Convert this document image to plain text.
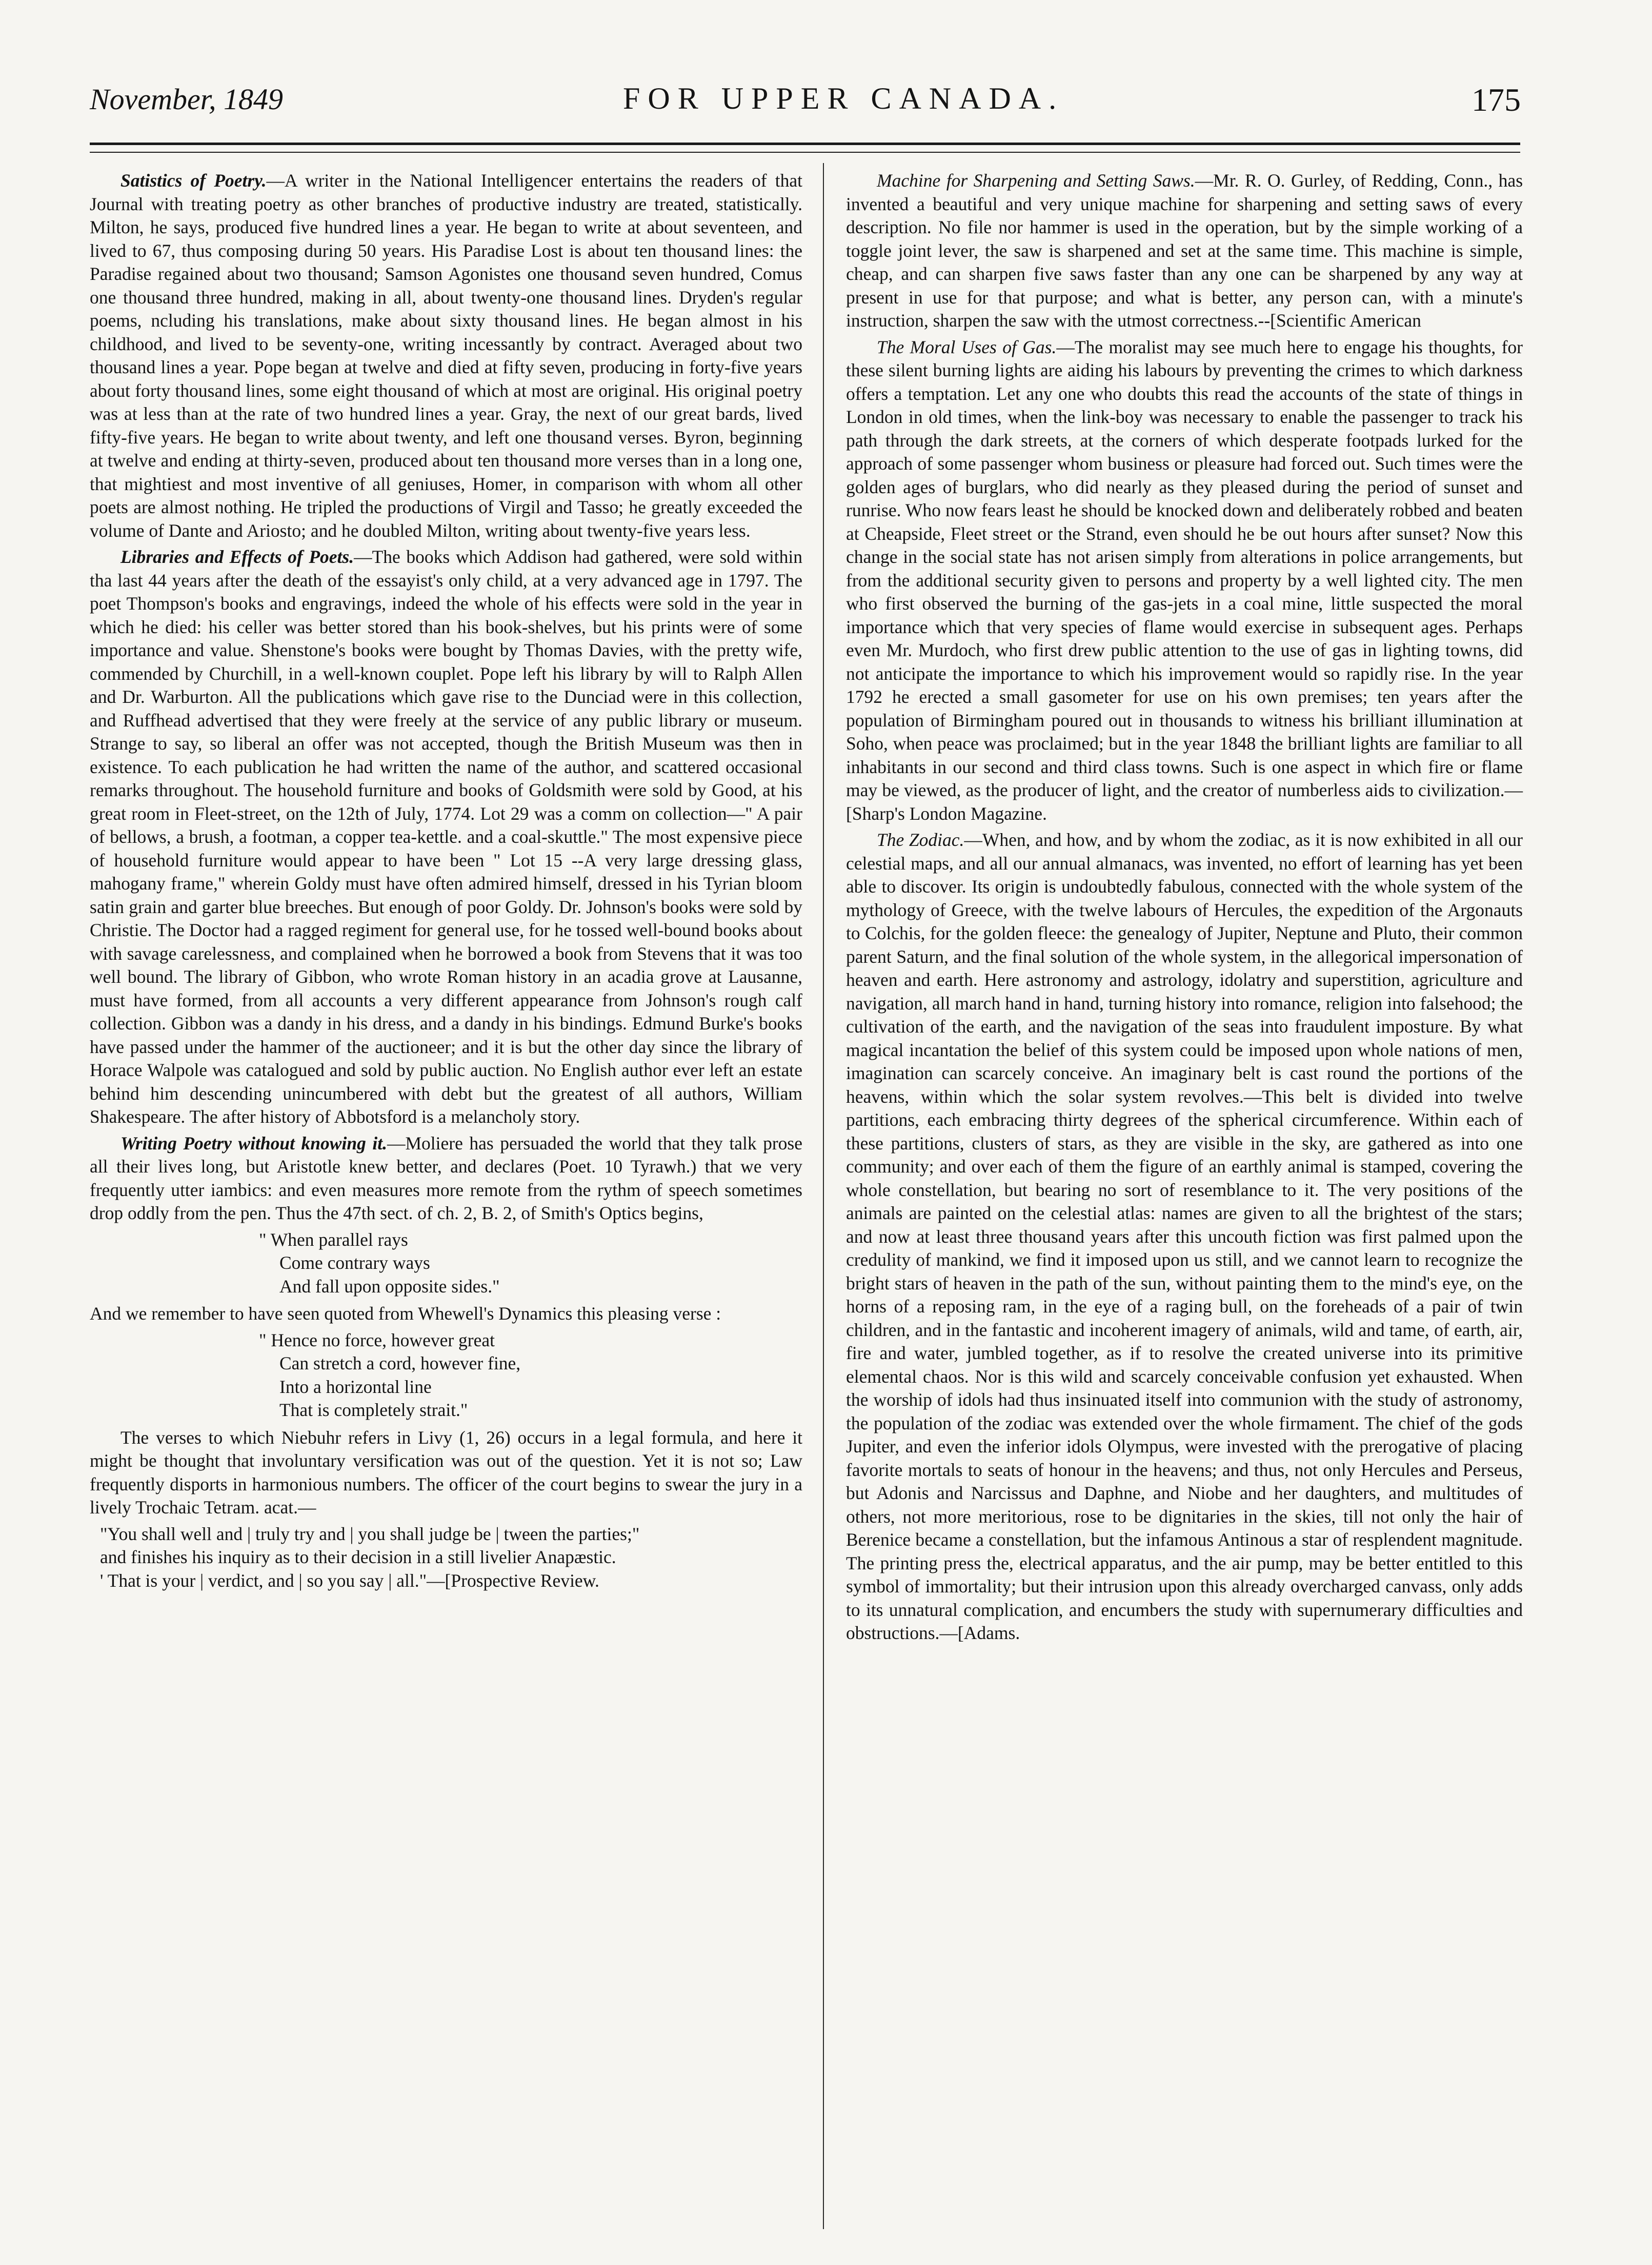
November, 1849	FOR UPPER CANADA.	175

Satistics of Poetry.—A writer in the National Intelligencer entertains the readers of that Journal with treating poetry as other branches of productive industry are treated, statistically. Milton, he says, produced five hundred lines a year. He began to write at about seventeen, and lived to 67, thus composing during 50 years. His Paradise Lost is about ten thousand lines: the Paradise regained about two thousand; Samson Agonistes one thousand seven hundred, Comus one thousand three hundred, making in all, about twenty-one thousand lines. Dryden's regular poems, ncluding his translations, make about sixty thousand lines. He began almost in his childhood, and lived to be seventy-one, writing incessantly by contract. Averaged about two thousand lines a year. Pope began at twelve and died at fifty seven, producing in forty-five years about forty thousand lines, some eight thousand of which at most are original. His original poetry was at less than at the rate of two hundred lines a year. Gray, the next of our great bards, lived fifty-five years. He began to write about twenty, and left one thousand verses. Byron, beginning at twelve and ending at thirty-seven, produced about ten thousand more verses than in a long one, that mightiest and most inventive of all geniuses, Homer, in comparison with whom all other poets are almost nothing. He tripled the productions of Virgil and Tasso; he greatly exceeded the volume of Dante and Ariosto; and he doubled Milton, writing about twenty-five years less.

Libraries and Effects of Poets.—The books which Addison had gathered, were sold within tha last 44 years after the death of the essayist's only child, at a very advanced age in 1797. The poet Thompson's books and engravings, indeed the whole of his effects were sold in the year in which he died: his celler was better stored than his book-shelves, but his prints were of some importance and value. Shenstone's books were bought by Thomas Davies, with the pretty wife, commended by Churchill, in a well-known couplet. Pope left his library by will to Ralph Allen and Dr. Warburton. All the publications which gave rise to the Dunciad were in this collection, and Ruffhead advertised that they were freely at the service of any public library or museum. Strange to say, so liberal an offer was not accepted, though the British Museum was then in existence. To each publication he had written the name of the author, and scattered occasional remarks throughout. The household furniture and books of Goldsmith were sold by Good, at his great room in Fleet-street, on the 12th of July, 1774. Lot 29 was a comm on collection—" A pair of bellows, a brush, a footman, a copper tea-kettle. and a coal-skuttle." The most expensive piece of household furniture would appear to have been " Lot 15 --A very large dressing glass, mahogany frame," wherein Goldy must have often admired himself, dressed in his Tyrian bloom satin grain and garter blue breeches. But enough of poor Goldy. Dr. Johnson's books were sold by Christie. The Doctor had a ragged regiment for general use, for he tossed well-bound books about with savage carelessness, and complained when he borrowed a book from Stevens that it was too well bound. The library of Gibbon, who wrote Roman history in an acadia grove at Lausanne, must have formed, from all accounts a very different appearance from Johnson's rough calf collection. Gibbon was a dandy in his dress, and a dandy in his bindings. Edmund Burke's books have passed under the hammer of the auctioneer; and it is but the other day since the library of Horace Walpole was catalogued and sold by public auction. No English author ever left an estate behind him descending unincumbered with debt but the greatest of all authors, William Shakespeare. The after history of Abbotsford is a melancholy story.

Writing Poetry without knowing it.—Moliere has persuaded the world that they talk prose all their lives long, but Aristotle knew better, and declares (Poet. 10 Tyrawh.) that we very frequently utter iambics: and even measures more remote from the rythm of speech sometimes drop oddly from the pen. Thus the 47th sect. of ch. 2, B. 2, of Smith's Optics begins,

" When parallel rays
Come contrary ways
And fall upon opposite sides."

And we remember to have seen quoted from Whewell's Dynamics this pleasing verse :

" Hence no force, however great
Can stretch a cord, however fine,
Into a horizontal line
That is completely strait."

The verses to which Niebuhr refers in Livy (1, 26) occurs in a legal formula, and here it might be thought that involuntary versification was out of the question. Yet it is not so; Law frequently disports in harmonious numbers. The officer of the court begins to swear the jury in a lively Trochaic Tetram. acat.—

"You shall well and | truly try and | you shall judge be | tween the parties;"
and finishes his inquiry as to their decision in a still livelier Anapæstic.
' That is your | verdict, and | so you say | all."—[Prospective Review.

Machine for Sharpening and Setting Saws.—Mr. R. O. Gurley, of Redding, Conn., has invented a beautiful and very unique machine for sharpening and setting saws of every description. No file nor hammer is used in the operation, but by the simple working of a toggle joint lever, the saw is sharpened and set at the same time. This machine is simple, cheap, and can sharpen five saws faster than any one can be sharpened by any way at present in use for that purpose; and what is better, any person can, with a minute's instruction, sharpen the saw with the utmost correctness.--[Scientific American

The Moral Uses of Gas.—The moralist may see much here to engage his thoughts, for these silent burning lights are aiding his labours by preventing the crimes to which darkness offers a temptation. Let any one who doubts this read the accounts of the state of things in London in old times, when the link-boy was necessary to enable the passenger to track his path through the dark streets, at the corners of which desperate footpads lurked for the approach of some passenger whom business or pleasure had forced out. Such times were the golden ages of burglars, who did nearly as they pleased during the period of sunset and runrise. Who now fears least he should be knocked down and deliberately robbed and beaten at Cheapside, Fleet street or the Strand, even should he be out hours after sunset? Now this change in the social state has not arisen simply from alterations in police arrangements, but from the additional security given to persons and property by a well lighted city. The men who first observed the burning of the gas-jets in a coal mine, little suspected the moral importance which that very species of flame would exercise in subsequent ages. Perhaps even Mr. Murdoch, who first drew public attention to the use of gas in lighting towns, did not anticipate the importance to which his improvement would so rapidly rise. In the year 1792 he erected a small gasometer for use on his own premises; ten years after the population of Birmingham poured out in thousands to witness his brilliant illumination at Soho, when peace was proclaimed; but in the year 1848 the brilliant lights are familiar to all inhabitants in our second and third class towns. Such is one aspect in which fire or flame may be viewed, as the producer of light, and the creator of numberless aids to civilization.—[Sharp's London Magazine.

The Zodiac.—When, and how, and by whom the zodiac, as it is now exhibited in all our celestial maps, and all our annual almanacs, was invented, no effort of learning has yet been able to discover. Its origin is undoubtedly fabulous, connected with the whole system of the mythology of Greece, with the twelve labours of Hercules, the expedition of the Argonauts to Colchis, for the golden fleece: the genealogy of Jupiter, Neptune and Pluto, their common parent Saturn, and the final solution of the whole system, in the allegorical impersonation of heaven and earth. Here astronomy and astrology, idolatry and superstition, agriculture and navigation, all march hand in hand, turning history into romance, religion into falsehood; the cultivation of the earth, and the navigation of the seas into fraudulent imposture. By what magical incantation the belief of this system could be imposed upon whole nations of men, imagination can scarcely conceive. An imaginary belt is cast round the portions of the heavens, within which the solar system revolves.—This belt is divided into twelve partitions, each embracing thirty degrees of the spherical circumference. Within each of these partitions, clusters of stars, as they are visible in the sky, are gathered as into one community; and over each of them the figure of an earthly animal is stamped, covering the whole constellation, but bearing no sort of resemblance to it. The very positions of the animals are painted on the celestial atlas: names are given to all the brightest of the stars; and now at least three thousand years after this uncouth fiction was first palmed upon the credulity of mankind, we find it imposed upon us still, and we cannot learn to recognize the bright stars of heaven in the path of the sun, without painting them to the mind's eye, on the horns of a reposing ram, in the eye of a raging bull, on the foreheads of a pair of twin children, and in the fantastic and incoherent imagery of animals, wild and tame, of earth, air, fire and water, jumbled together, as if to resolve the created universe into its primitive elemental chaos. Nor is this wild and scarcely conceivable confusion yet exhausted. When the worship of idols had thus insinuated itself into communion with the study of astronomy, the population of the zodiac was extended over the whole firmament. The chief of the gods Jupiter, and even the inferior idols Olympus, were invested with the prerogative of placing favorite mortals to seats of honour in the heavens; and thus, not only Hercules and Perseus, but Adonis and Narcissus and Daphne, and Niobe and her daughters, and multitudes of others, not more meritorious, rose to be dignitaries in the skies, till not only the hair of Berenice became a constellation, but the infamous Antinous a star of resplendent magnitude. The printing press the, electrical apparatus, and the air pump, may be better entitled to this symbol of immortality; but their intrusion upon this already overcharged canvass, only adds to its unnatural complication, and encumbers the study with supernumerary difficulties and obstructions.—[Adams.
